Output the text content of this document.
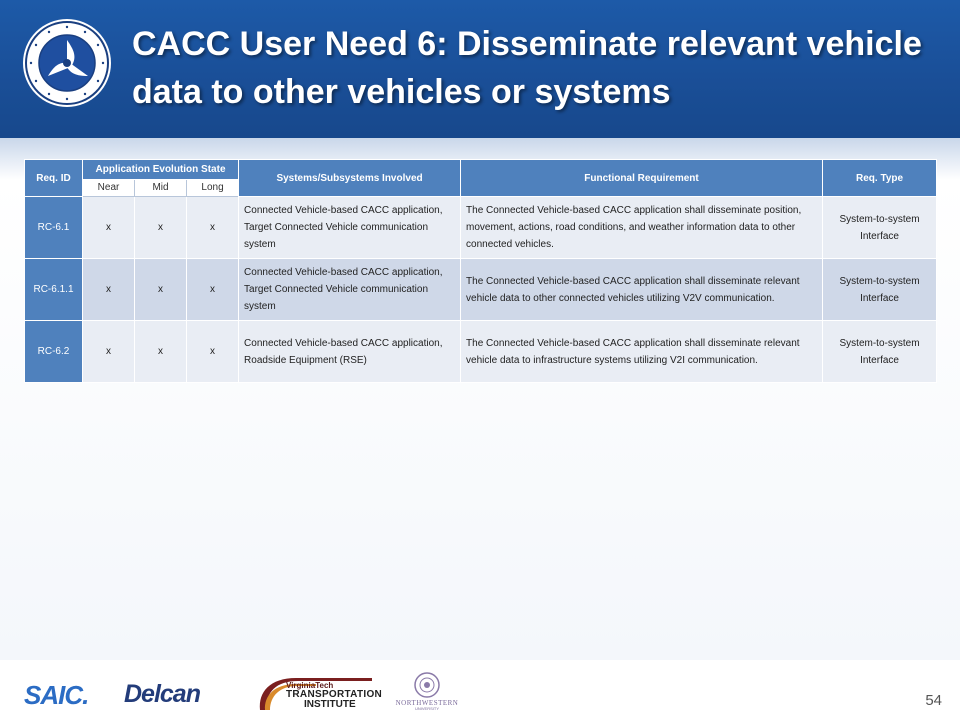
CACC User Need 6: Disseminate relevant vehicle data to other vehicles or systems
Req. ID	Application Evolution State			Systems/Subsystems Involved	Functional Requirement	Req. Type
	Near	Mid	Long			
RC-6.1	x	x	x	Connected Vehicle-based CACC application, Target Connected Vehicle communication system	The Connected Vehicle-based CACC application shall disseminate position, movement, actions, road conditions, and weather information data to other connected vehicles.	System-to-system Interface
RC-6.1.1	x	x	x	Connected Vehicle-based CACC application, Target Connected Vehicle communication system	The Connected Vehicle-based CACC application shall disseminate relevant vehicle data to other connected vehicles utilizing V2V communication.	System-to-system Interface
RC-6.2	x	x	x	Connected Vehicle-based CACC application, Roadside Equipment (RSE)	The Connected Vehicle-based CACC application shall disseminate relevant vehicle data to infrastructure systems utilizing V2I communication.	System-to-system Interface
SAIC. Delcan	VirginiaTech
TRANSPORTATION
INSTITUTE	NORTHWESTERN
UNIVERSITY	54
